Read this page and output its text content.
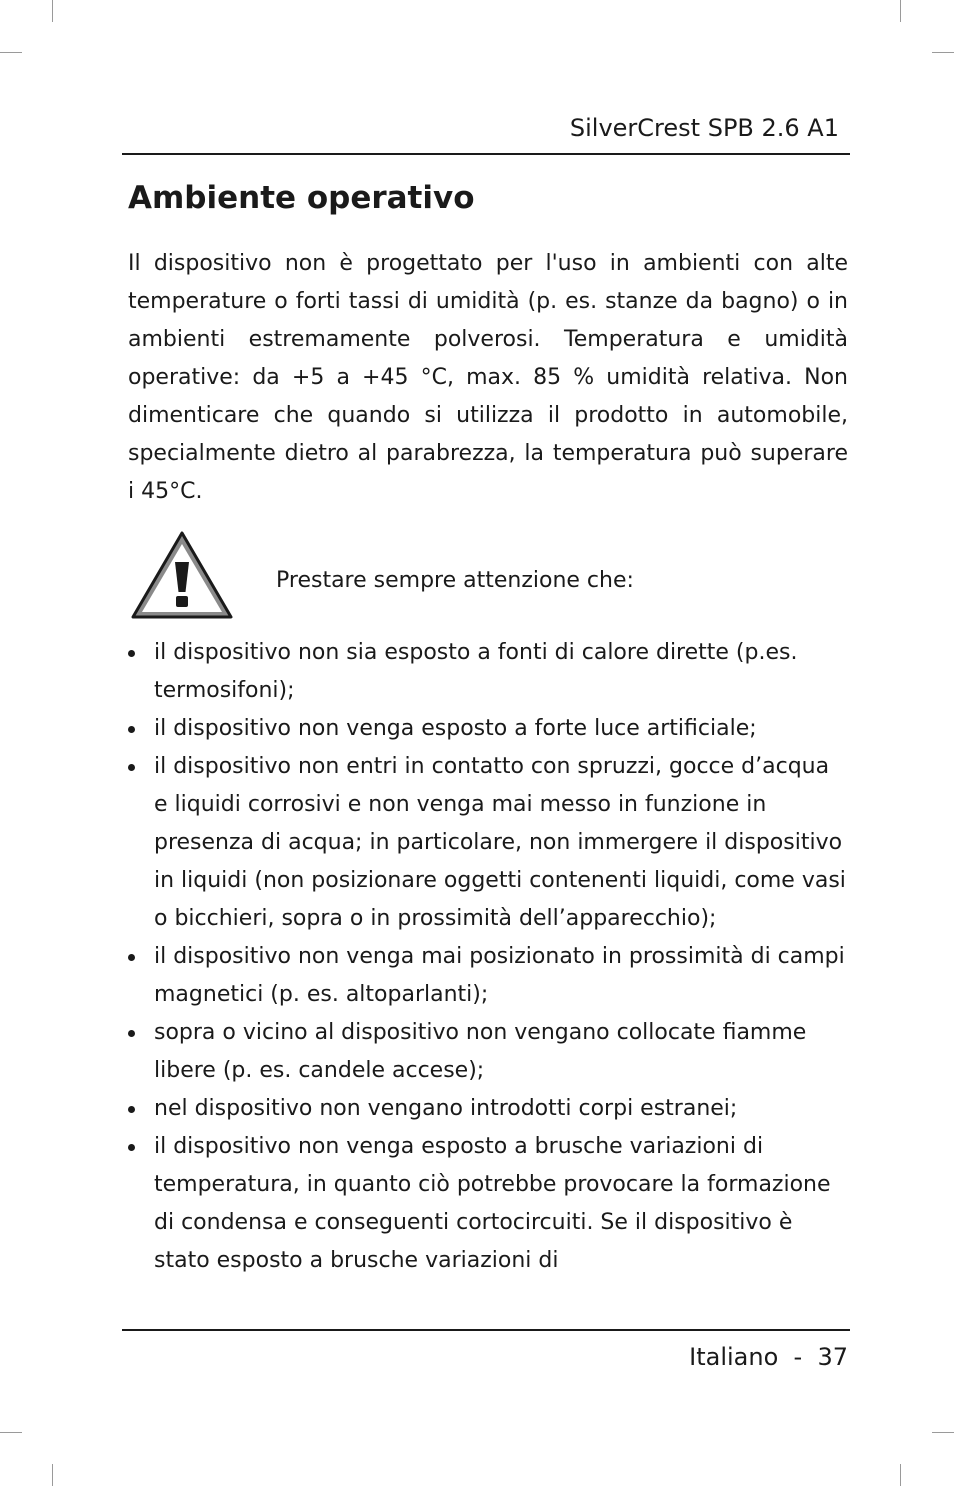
SilverCrest SPB 2.6 A1
Ambiente operativo

Il dispositivo non è progettato per l'uso in ambienti con alte temperature o forti tassi di umidità (p. es. stanze da bagno) o in ambienti estremamente polverosi. Temperatura e umidità operative: da +5 a +45 °C, max. 85 % umidità relativa. Non dimenticare che quando si utilizza il prodotto in automobile, specialmente dietro al parabrezza, la temperatura può superare i 45°C.

Prestare sempre attenzione che:
il dispositivo non sia esposto a fonti di calore dirette (p.es. termosifoni);
il dispositivo non venga esposto a forte luce artificiale;
il dispositivo non entri in contatto con spruzzi, gocce d’acqua e liquidi corrosivi e non venga mai messo in funzione in presenza di acqua; in particolare, non immergere il dispositivo in liquidi (non posizionare oggetti contenenti liquidi, come vasi o bicchieri, sopra o in prossimità dell’apparecchio);
il dispositivo non venga mai posizionato in prossimità di campi magnetici (p. es. altoparlanti);
sopra o vicino al dispositivo non vengano collocate fiamme libere (p. es. candele accese);
nel dispositivo non vengano introdotti corpi estranei;
il dispositivo non venga esposto a brusche variazioni di temperatura, in quanto ciò potrebbe provocare la formazione di condensa e conseguenti cortocircuiti. Se il dispositivo è stato esposto a brusche variazioni di
Italiano  -  37
